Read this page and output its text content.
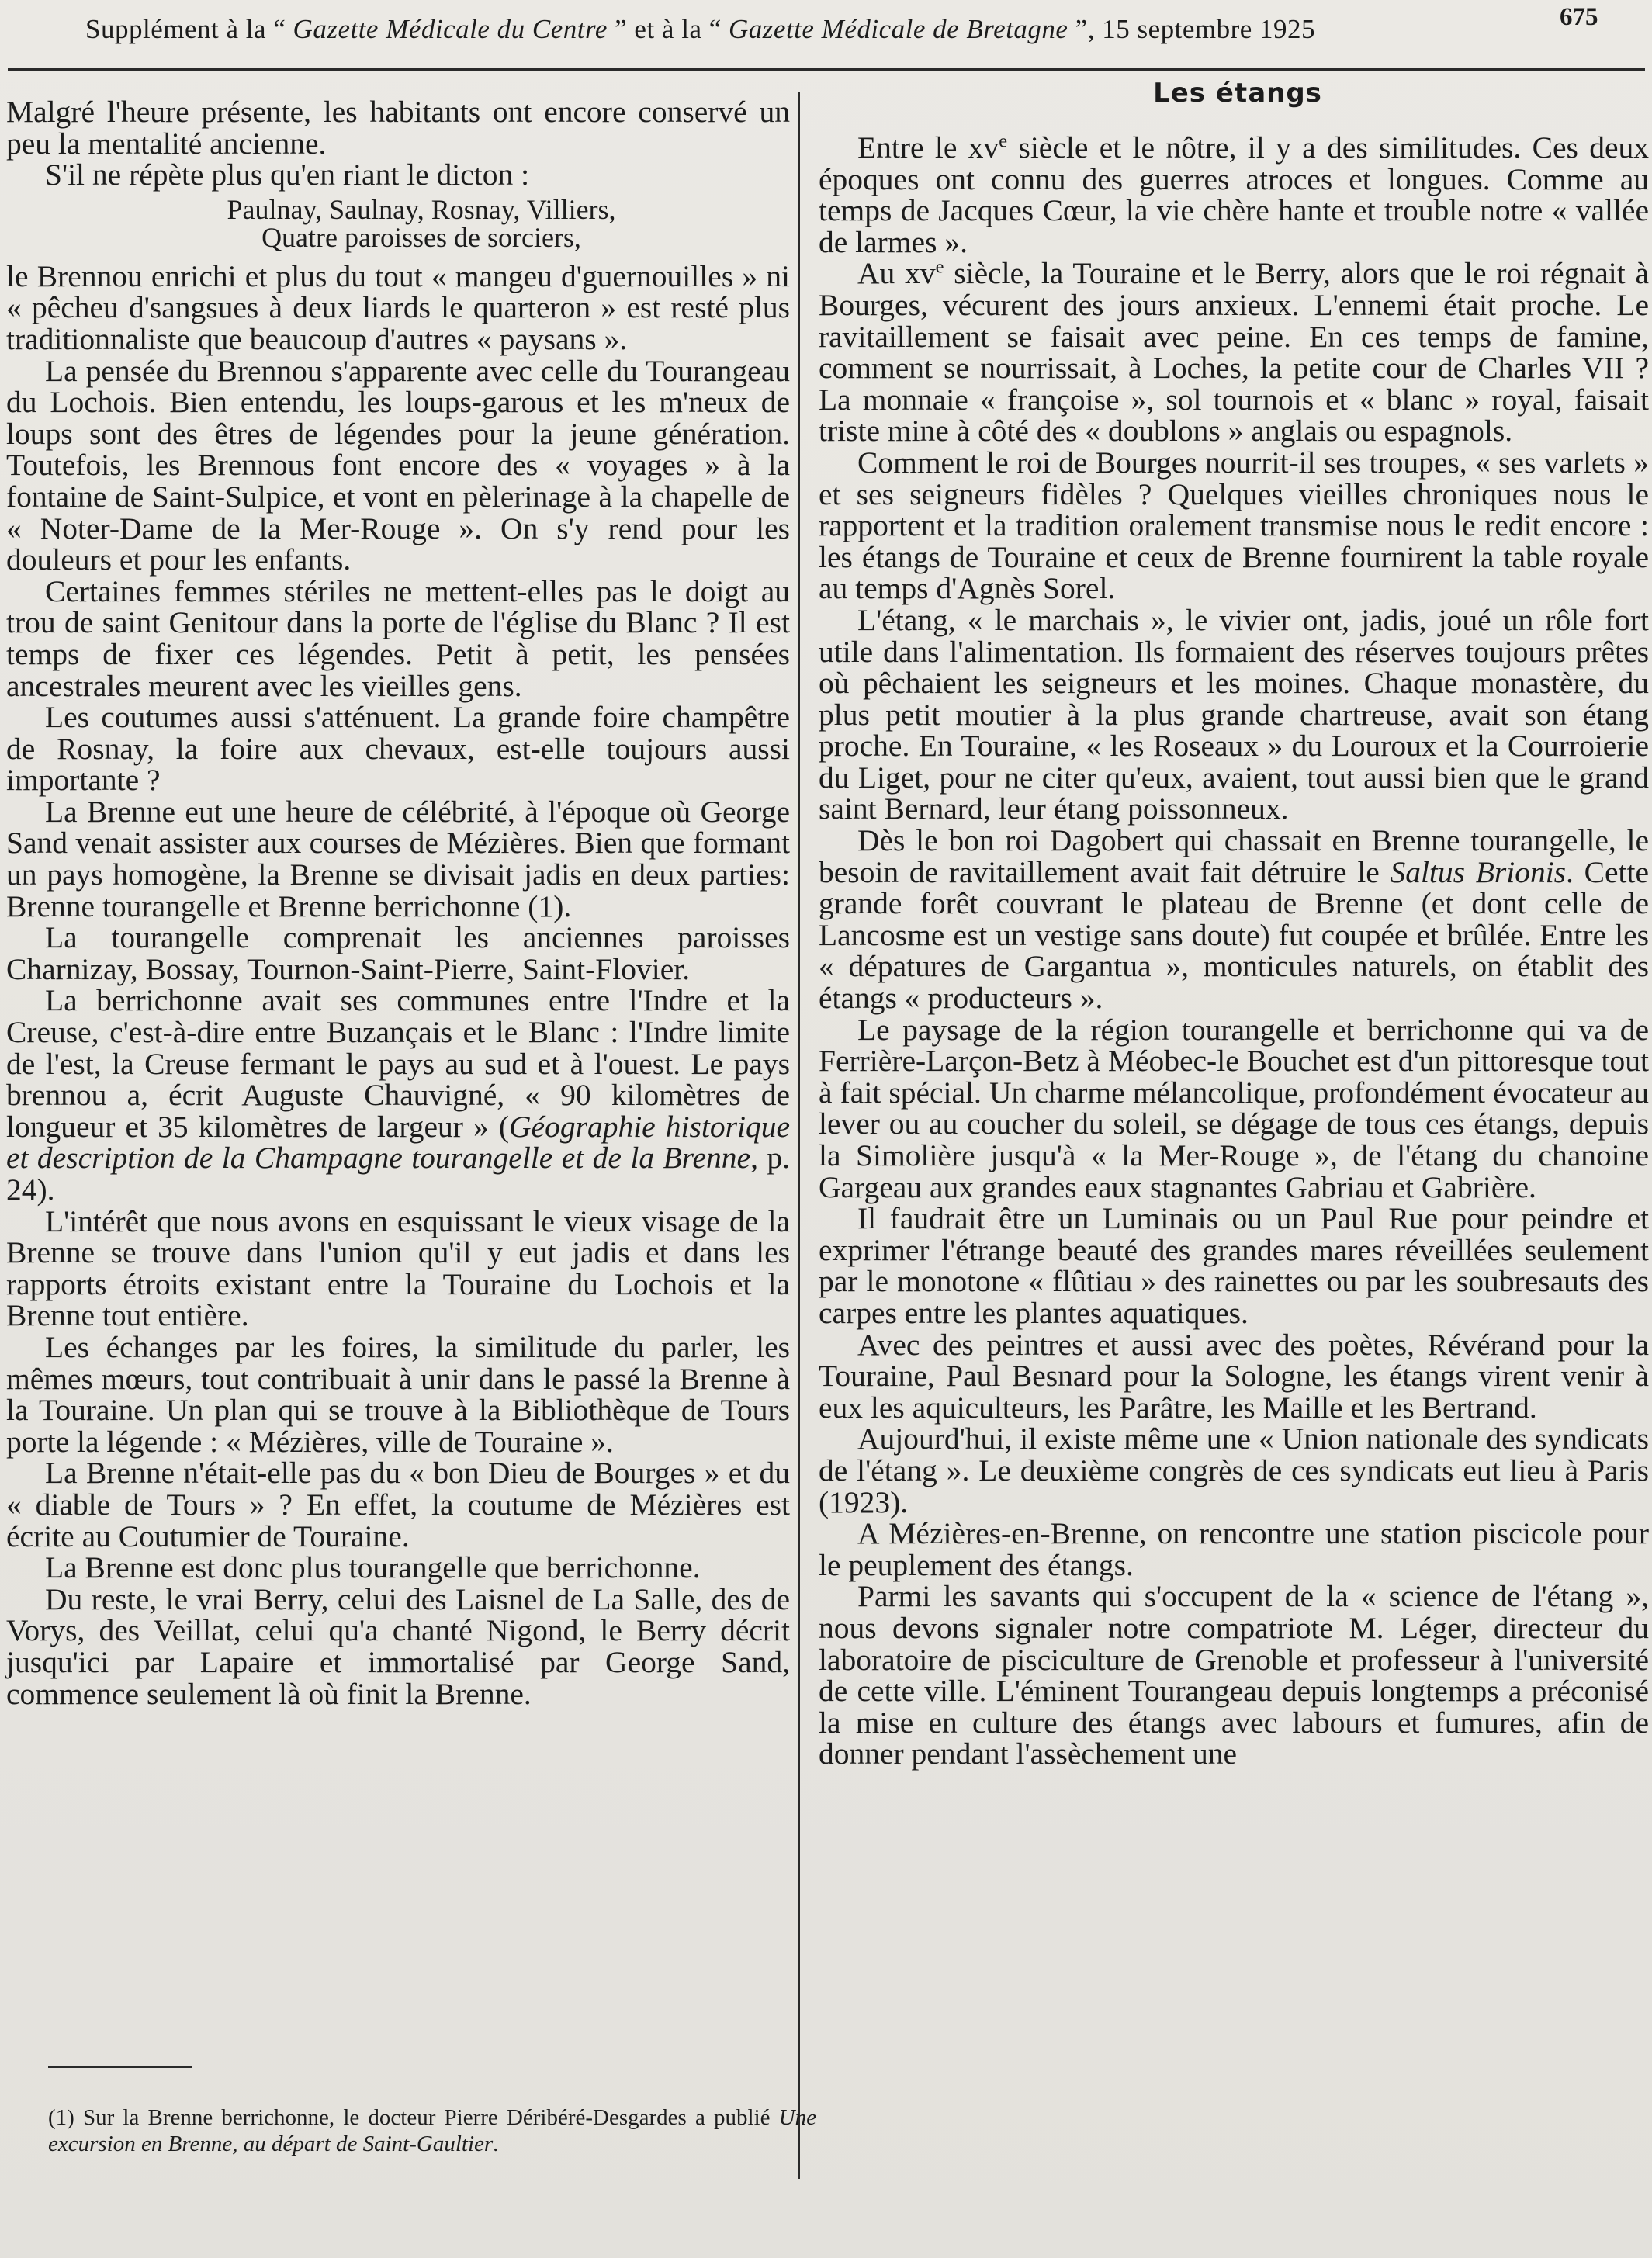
Supplément à la “ Gazette Médicale du Centre ” et à la “ Gazette Médicale de Bretagne ”, 15 septembre 1925	675

Malgré l'heure présente, les habitants ont encore conservé un peu la mentalité ancienne.

S'il ne répète plus qu'en riant le dicton :

Paulnay, Saulnay, Rosnay, Villiers,
Quatre paroisses de sorciers,

le Brennou enrichi et plus du tout « mangeu d'guernouilles » ni « pêcheu d'sangsues à deux liards le quarteron » est resté plus traditionnaliste que beaucoup d'autres « paysans ».

La pensée du Brennou s'apparente avec celle du Tourangeau du Lochois. Bien entendu, les loups-garous et les m'neux de loups sont des êtres de légendes pour la jeune génération. Toutefois, les Brennous font encore des « voyages » à la fontaine de Saint-Sulpice, et vont en pèlerinage à la chapelle de « Noter-Dame de la Mer-Rouge ». On s'y rend pour les douleurs et pour les enfants.

Certaines femmes stériles ne mettent-elles pas le doigt au trou de saint Genitour dans la porte de l'église du Blanc ? Il est temps de fixer ces légendes. Petit à petit, les pensées ancestrales meurent avec les vieilles gens.

Les coutumes aussi s'atténuent. La grande foire champêtre de Rosnay, la foire aux chevaux, est-elle toujours aussi importante ?

La Brenne eut une heure de célébrité, à l'époque où George Sand venait assister aux courses de Mézières. Bien que formant un pays homogène, la Brenne se divisait jadis en deux parties: Brenne tourangelle et Brenne berrichonne (1).

La tourangelle comprenait les anciennes paroisses Charnizay, Bossay, Tournon-Saint-Pierre, Saint-Flovier.

La berrichonne avait ses communes entre l'Indre et la Creuse, c'est-à-dire entre Buzançais et le Blanc : l'Indre limite de l'est, la Creuse fermant le pays au sud et à l'ouest. Le pays brennou a, écrit Auguste Chauvigné, « 90 kilomètres de longueur et 35 kilomètres de largeur » (Géographie historique et description de la Champagne tourangelle et de la Brenne, p. 24).

L'intérêt que nous avons en esquissant le vieux visage de la Brenne se trouve dans l'union qu'il y eut jadis et dans les rapports étroits existant entre la Touraine du Lochois et la Brenne tout entière.

Les échanges par les foires, la similitude du parler, les mêmes mœurs, tout contribuait à unir dans le passé la Brenne à la Touraine. Un plan qui se trouve à la Bibliothèque de Tours porte la légende : « Mézières, ville de Touraine ».

La Brenne n'était-elle pas du « bon Dieu de Bourges » et du « diable de Tours » ? En effet, la coutume de Mézières est écrite au Coutumier de Touraine.

La Brenne est donc plus tourangelle que berrichonne.

Du reste, le vrai Berry, celui des Laisnel de La Salle, des de Vorys, des Veillat, celui qu'a chanté Nigond, le Berry décrit jusqu'ici par Lapaire et immortalisé par George Sand, commence seulement là où finit la Brenne.

(1) Sur la Brenne berrichonne, le docteur Pierre Déribéré-Desgardes a publié Une excursion en Brenne, au départ de Saint-Gaultier.

Les étangs

Entre le $xv^e$ siècle et le nôtre, il y a des similitudes. Ces deux époques ont connu des guerres atroces et longues. Comme au temps de Jacques Cœur, la vie chère hante et trouble notre « vallée de larmes ».

Au $xv^e$ siècle, la Touraine et le Berry, alors que le roi régnait à Bourges, vécurent des jours anxieux. L'ennemi était proche. Le ravitaillement se faisait avec peine. En ces temps de famine, comment se nourrissait, à Loches, la petite cour de Charles VII ? La monnaie « françoise », sol tournois et « blanc » royal, faisait triste mine à côté des « doublons » anglais ou espagnols.

Comment le roi de Bourges nourrit-il ses troupes, « ses varlets » et ses seigneurs fidèles ? Quelques vieilles chroniques nous le rapportent et la tradition oralement transmise nous le redit encore : les étangs de Touraine et ceux de Brenne fournirent la table royale au temps d'Agnès Sorel.

L'étang, « le marchais », le vivier ont, jadis, joué un rôle fort utile dans l'alimentation. Ils formaient des réserves toujours prêtes où pêchaient les seigneurs et les moines. Chaque monastère, du plus petit moutier à la plus grande chartreuse, avait son étang proche. En Touraine, « les Roseaux » du Louroux et la Courroierie du Liget, pour ne citer qu'eux, avaient, tout aussi bien que le grand saint Bernard, leur étang poissonneux.

Dès le bon roi Dagobert qui chassait en Brenne tourangelle, le besoin de ravitaillement avait fait détruire le Saltus Brionis. Cette grande forêt couvrant le plateau de Brenne (et dont celle de Lancosme est un vestige sans doute) fut coupée et brûlée. Entre les « dépatures de Gargantua », monticules naturels, on établit des étangs « producteurs ».

Le paysage de la région tourangelle et berrichonne qui va de Ferrière-Larçon-Betz à Méobec-le Bouchet est d'un pittoresque tout à fait spécial. Un charme mélancolique, profondément évocateur au lever ou au coucher du soleil, se dégage de tous ces étangs, depuis la Simolière jusqu'à « la Mer-Rouge », de l'étang du chanoine Gargeau aux grandes eaux stagnantes Gabriau et Gabrière.

Il faudrait être un Luminais ou un Paul Rue pour peindre et exprimer l'étrange beauté des grandes mares réveillées seulement par le monotone « flûtiau » des rainettes ou par les soubresauts des carpes entre les plantes aquatiques.

Avec des peintres et aussi avec des poètes, Révérand pour la Touraine, Paul Besnard pour la Sologne, les étangs virent venir à eux les aquiculteurs, les Parâtre, les Maille et les Bertrand.

Aujourd'hui, il existe même une « Union nationale des syndicats de l'étang ». Le deuxième congrès de ces syndicats eut lieu à Paris (1923).

A Mézières-en-Brenne, on rencontre une station piscicole pour le peuplement des étangs.

Parmi les savants qui s'occupent de la « science de l'étang », nous devons signaler notre compatriote M. Léger, directeur du laboratoire de pisciculture de Grenoble et professeur à l'université de cette ville. L'éminent Tourangeau depuis longtemps a préconisé la mise en culture des étangs avec labours et fumures, afin de donner pendant l'assèchement une
